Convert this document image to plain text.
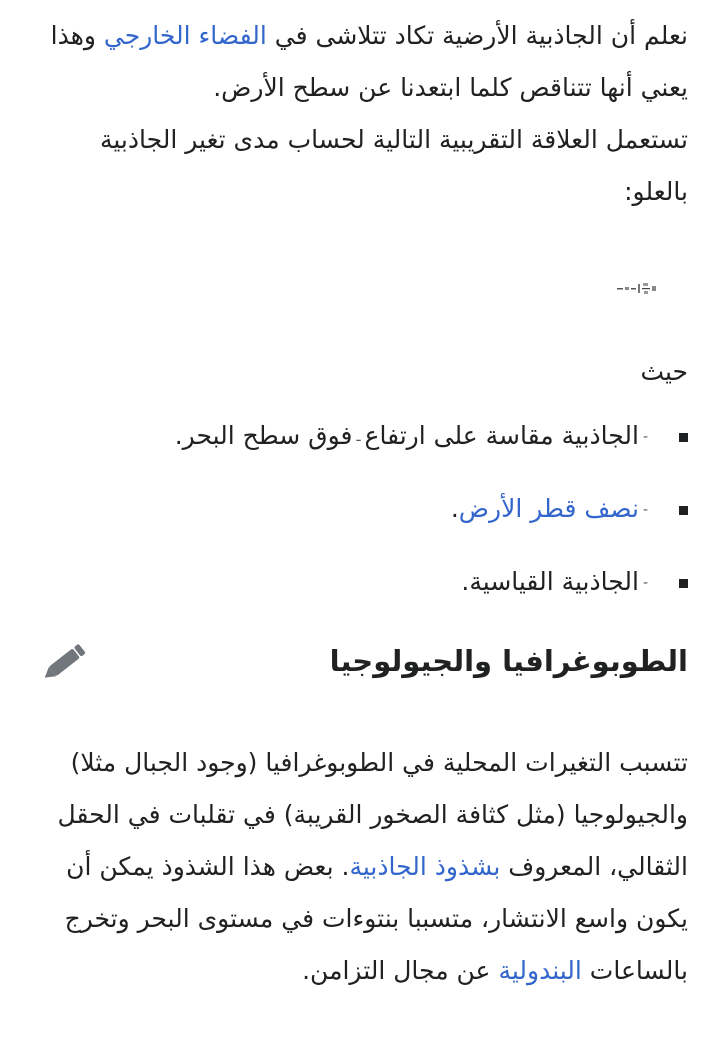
نعلم أن الجاذبية الأرضية تكاد تتلاشى في الفضاء الخارجي وهذا يعني أنها تتناقص كلما ابتعدنا عن سطح الأرض.
تستعمل العلاقة التقريبية التالية لحساب مدى تغير الجاذبية بالعلو:

حيث

-الجاذبية مقاسة على ارتفاعـفوق سطح البحر.
-نصف قطر الأرض.
-الجاذبية القياسية.
الطوبوغرافيا والجيولوجيا

تتسبب التغيرات المحلية في الطوبوغرافيا (وجود الجبال مثلا) والجيولوجيا (مثل كثافة الصخور القريبة) في تقلبات في الحقل الثقالي، المعروف بشذوذ الجاذبية. بعض هذا الشذوذ يمكن أن يكون واسع الانتشار، متسببا بنتوءات في مستوى البحر وتخرج بالساعات البندولية عن مجال التزامن.
